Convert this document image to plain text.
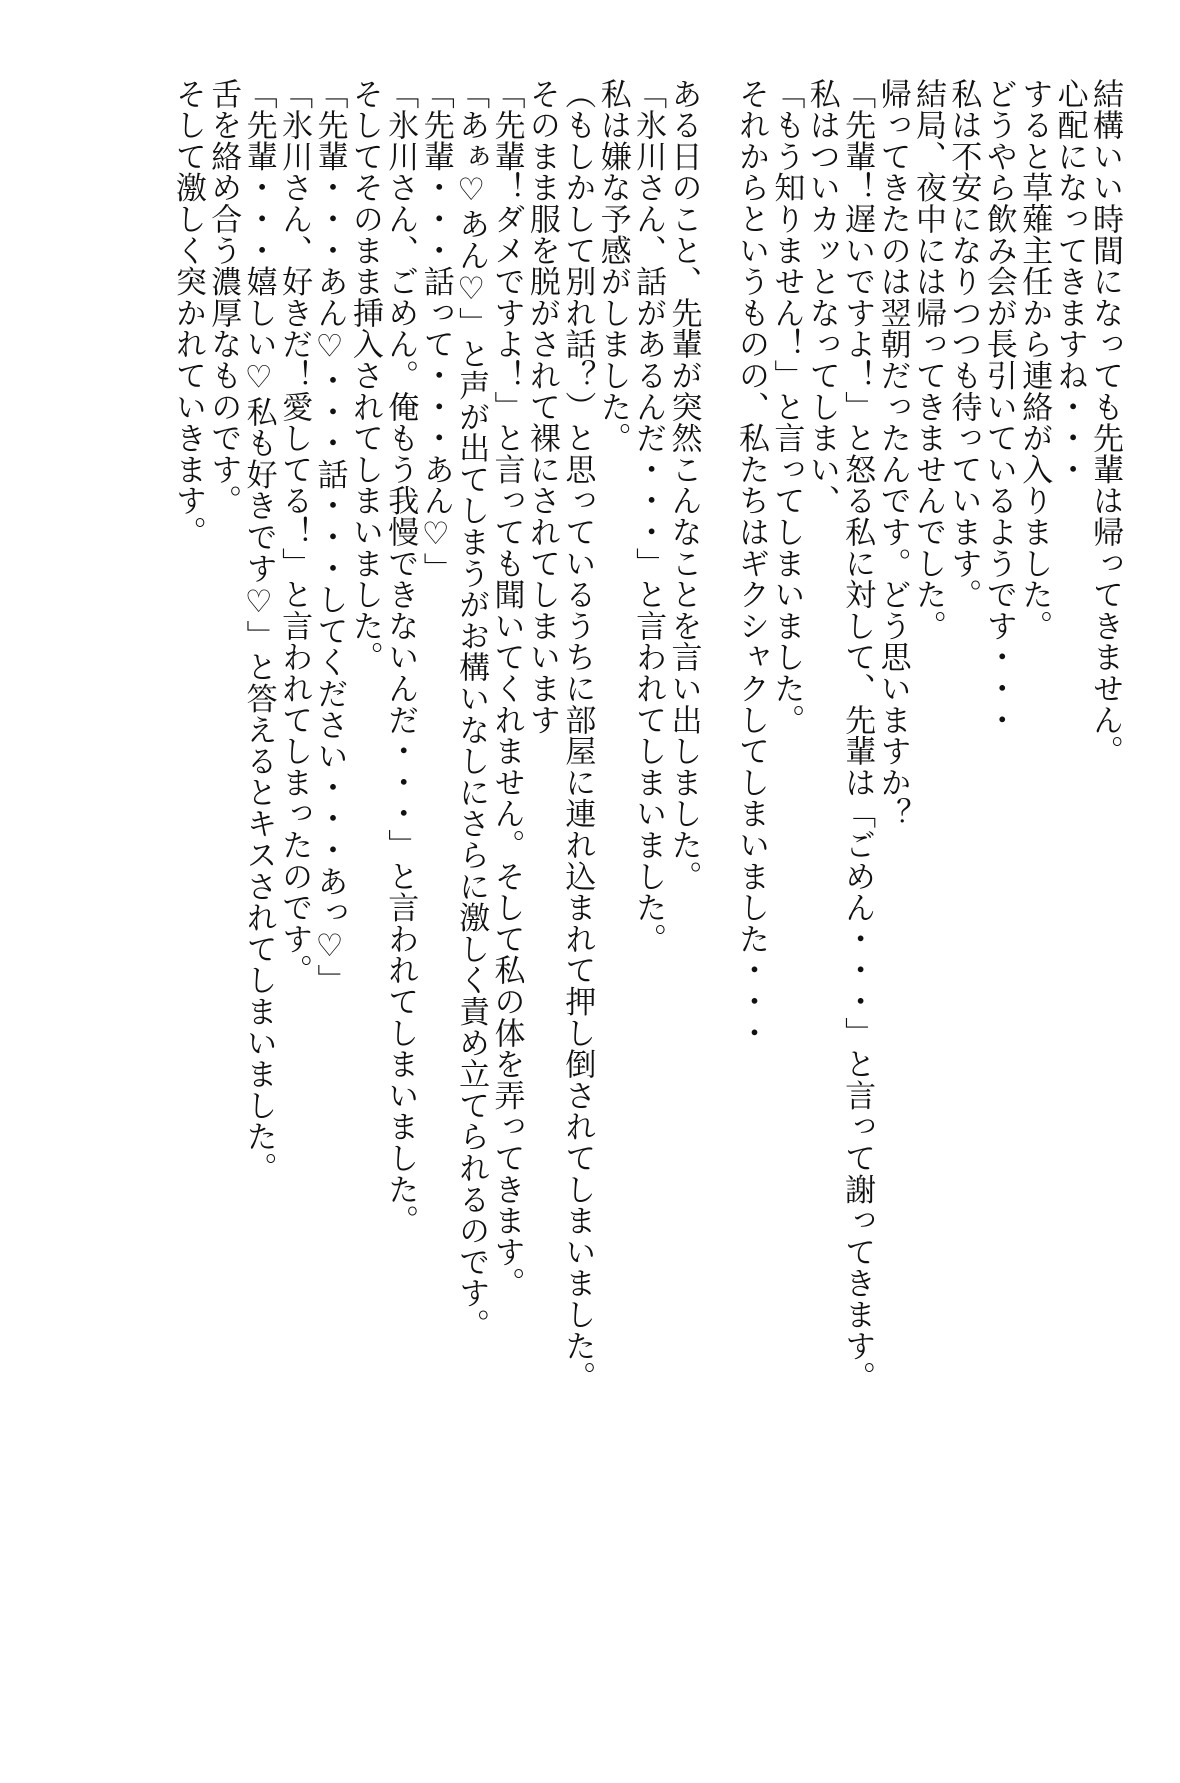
結構いい時間になっても先輩は帰ってきません。
心配になってきますね・・・
すると草薙主任から連絡が入りました。
どうやら飲み会が長引いているようです・・・
私は不安になりつつも待っています。
結局、夜中には帰ってきませんでした。
帰ってきたのは翌朝だったんです。どう思いますか？
「先輩！遅いですよ！」と怒る私に対して、先輩は「ごめん・・・」と言って謝ってきます。
私はついカッとなってしまい、
「もう知りません！」と言ってしまいました。
それからというものの、私たちはギクシャクしてしまいました・・・
ある日のこと、先輩が突然こんなことを言い出しました。
「氷川さん、話があるんだ・・・」と言われてしまいました。
私は嫌な予感がしました。
（もしかして別れ話？）と思っているうちに部屋に連れ込まれて押し倒されてしまいました。
そのまま服を脱がされて裸にされてしまいます
「先輩！ダメですよ！」と言っても聞いてくれません。そして私の体を弄ってきます。
「あぁ♡あん♡」と声が出てしまうがお構いなしにさらに激しく責め立てられるのです。
「先輩・・・話って・・・あん♡」
「氷川さん、ごめん。俺もう我慢できないんだ・・・」と言われてしまいました。
そしてそのまま挿入されてしまいました。
「先輩・・・あん♡・・・話・・・してください・・・あっ♡」
「氷川さん、好きだ！愛してる！」と言われてしまったのです。
「先輩・・・嬉しい♡私も好きです♡」と答えるとキスされてしまいました。
舌を絡め合う濃厚なものです。
そして激しく突かれていきます。
